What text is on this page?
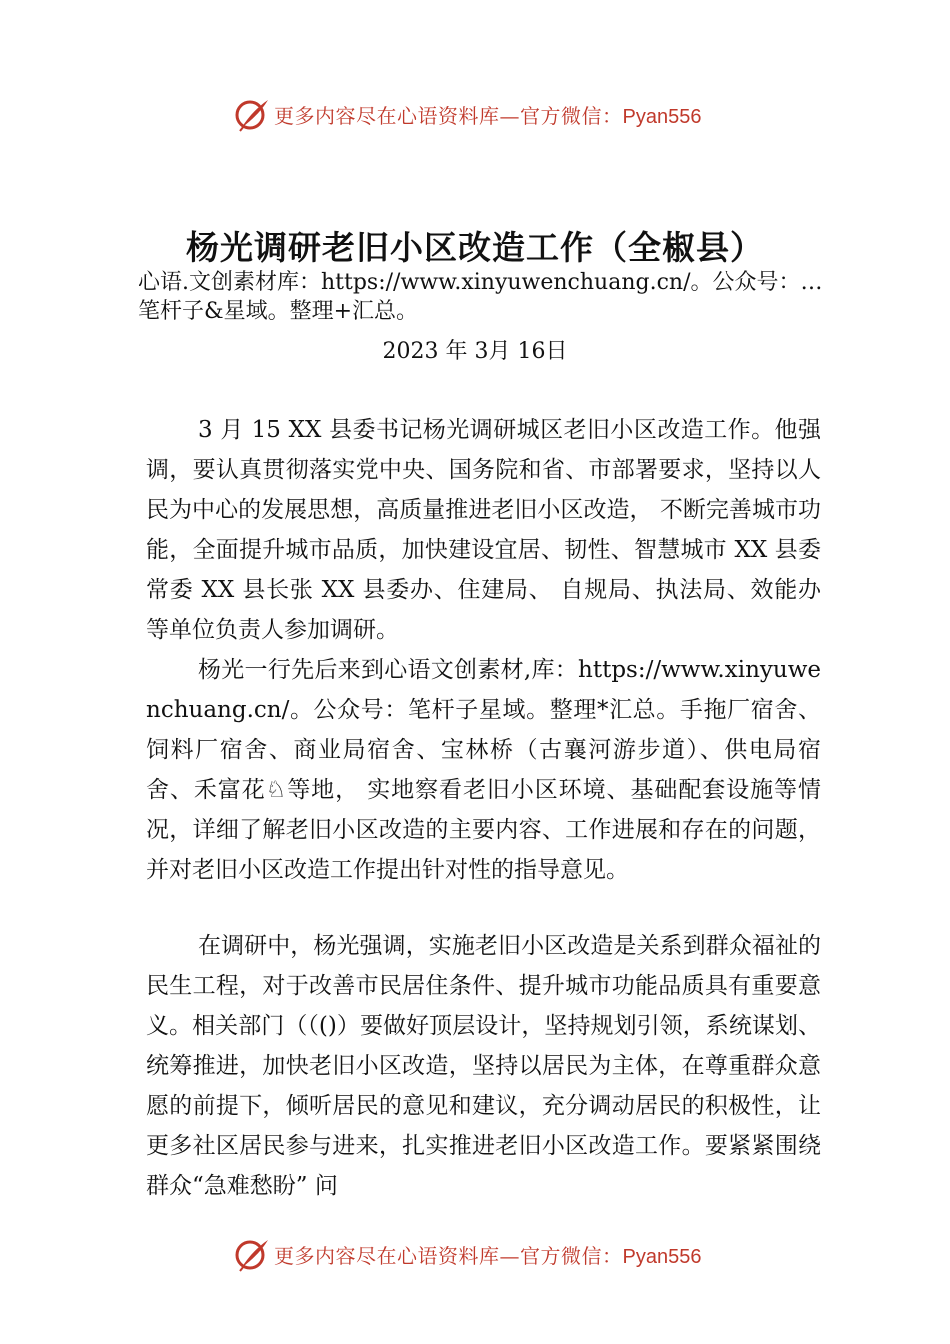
更多内容尽在心语资料库—官方微信：Pyan556
杨光调研老旧小区改造工作（全椒县）

心语.文创素材库：https://www.xinyuwenchuang.cn/。公众号：…笔杆子&星域。整理+汇总。

2023 年 3月 16日

3 月 15 XX 县委书记杨光调研城区老旧小区改造工作。他强调，要认真贯彻落实党中央、国务院和省、市部署要求，坚持以人民为中心的发展思想，高质量推进老旧小区改造， 不断完善城市功能，全面提升城市品质，加快建设宜居、韧性、智慧城市 XX 县委常委 XX 县长张 XX 县委办、住建局、 自规局、执法局、效能办等单位负责人参加调研。

杨光一行先后来到心语文创素材,库：https://www.xinyuwenchuang.cn/。公众号：笔杆子星域。整理*汇总。手拖厂宿舍、饲料厂宿舍、商业局宿舍、宝林桥（古襄河游步道）、供电局宿舍、禾富花♘等地， 实地察看老旧小区环境、基础配套设施等情况，详细了解老旧小区改造的主要内容、工作进展和存在的问题，并对老旧小区改造工作提出针对性的指导意见。

在调研中，杨光强调，实施老旧小区改造是关系到群众福祉的民生工程，对于改善市民居住条件、提升城市功能品质具有重要意义。相关部门（（()）要做好顶层设计，坚持规划引领，系统谋划、统筹推进，加快老旧小区改造，坚持以居民为主体，在尊重群众意愿的前提下，倾听居民的意见和建议，充分调动居民的积极性，让更多社区居民参与进来，扎实推进老旧小区改造工作。要紧紧围绕群众“急难愁盼” 问

更多内容尽在心语资料库—官方微信：Pyan556
